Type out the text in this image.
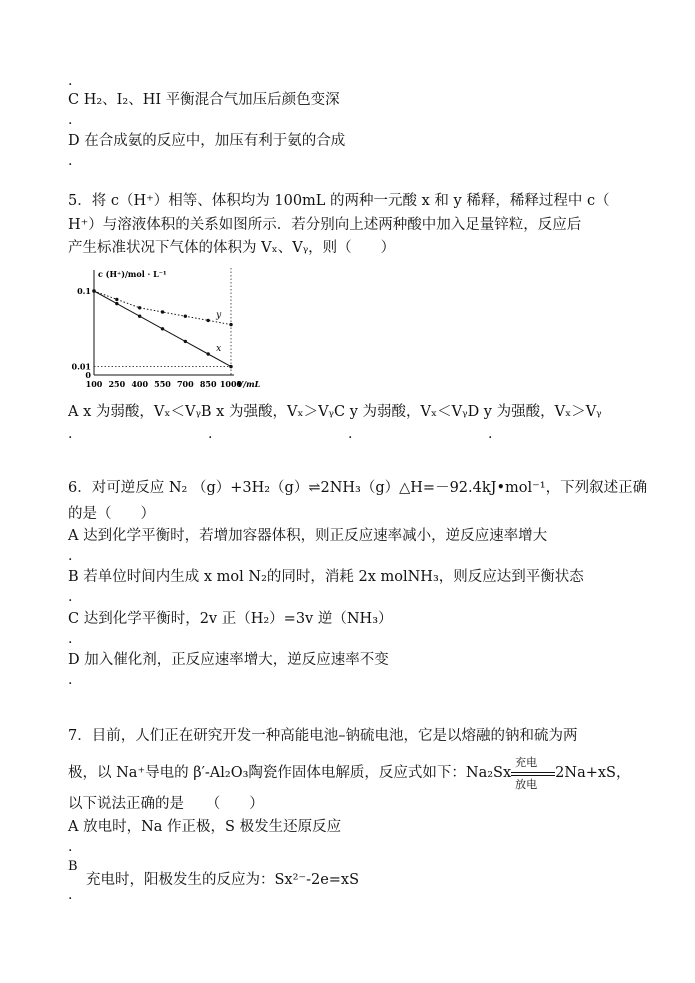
.
C H₂、I₂、HI 平衡混合气加压后颜色变深
.
D 在合成氨的反应中，加压有利于氨的合成
.
5．将 c（H⁺）相等、体积均为 100mL 的两种一元酸 x 和 y 稀释，稀释过程中 c（
H⁺）与溶液体积的关系如图所示．若分别向上述两种酸中加入足量锌粒，反应后
产生标准状况下气体的体积为 Vₓ、Vᵧ，则（　　）
c (H⁺)/mol · L⁻¹
V/mL
100 250 400 550 700 850 1000
0.1
0.01
0
x
y
A x 为弱酸，Vₓ＜VᵧB x 为强酸，Vₓ＞VᵧC y 为弱酸，Vₓ＜VᵧD y 为强酸，Vₓ＞Vᵧ
.	.	.	.
6．对可逆反应 N₂ （g）+3H₂（g）⇌2NH₃（g）△H=－92.4kJ•mol⁻¹，下列叙述正确
的是（　　）
A 达到化学平衡时，若增加容器体积，则正反应速率减小，逆反应速率增大
.
B 若单位时间内生成 x mol N₂的同时，消耗 2x molNH₃，则反应达到平衡状态
.
C 达到化学平衡时，2v 正（H₂）=3v 逆（NH₃）
.
D 加入催化剂，正反应速率增大，逆反应速率不变
.
7．目前，人们正在研究开发一种高能电池–钠硫电池，它是以熔融的钠和硫为两
极，以 Na⁺导电的 β′-Al₂O₃陶瓷作固体电解质，反应式如下：Na₂Sx
充电
放电
2Na+xS，
以下说法正确的是　　（　　）
A 放电时，Na 作正极，S 极发生还原反应
.
B
充电时，阳极发生的反应为：Sx²⁻-2e=xS
.
